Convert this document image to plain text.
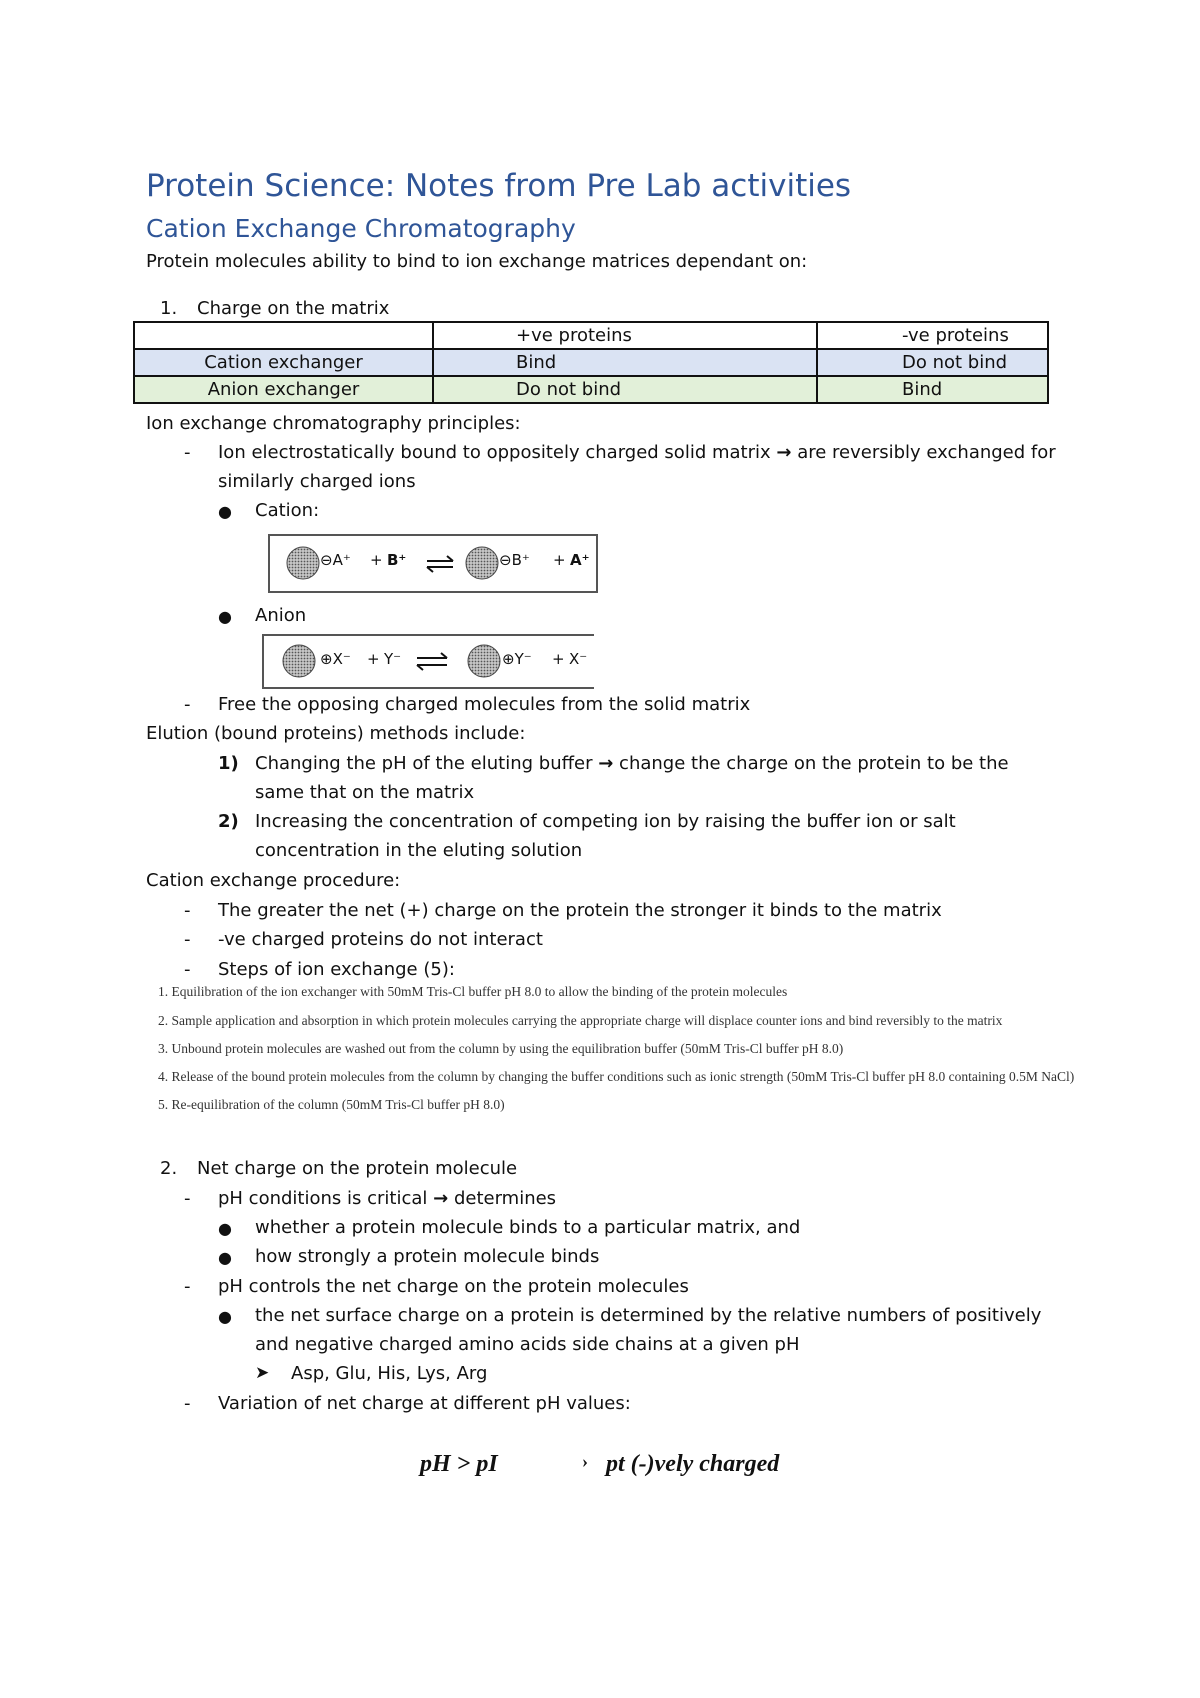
Protein Science: Notes from Pre Lab activities
Cation Exchange Chromatography
Protein molecules ability to bind to ion exchange matrices dependant on:
1. Charge on the matrix
	+ve proteins	-ve proteins
Cation exchanger	Bind	Do not bind
Anion exchanger	Do not bind	Bind
Ion exchange chromatography principles:
- Ion electrostatically bound to oppositely charged solid matrix → are reversibly exchanged for
similarly charged ions
● Cation:
⊖A⁺ + B⁺	⊖B⁺ + A⁺
● Anion
⊕X⁻ + Y⁻	⊕Y⁻ + X⁻
- Free the opposing charged molecules from the solid matrix
Elution (bound proteins) methods include:
1) Changing the pH of the eluting buffer → change the charge on the protein to be the
same that on the matrix
2) Increasing the concentration of competing ion by raising the buffer ion or salt
concentration in the eluting solution
Cation exchange procedure:
- The greater the net (+) charge on the protein the stronger it binds to the matrix
- -ve charged proteins do not interact
- Steps of ion exchange (5):
1. Equilibration of the ion exchanger with 50mM Tris-Cl buffer pH 8.0 to allow the binding of the protein molecules
2. Sample application and absorption in which protein molecules carrying the appropriate charge will displace counter ions and bind reversibly to the matrix
3. Unbound protein molecules are washed out from the column by using the equilibration buffer (50mM Tris-Cl buffer pH 8.0)
4. Release of the bound protein molecules from the column by changing the buffer conditions such as ionic strength (50mM Tris-Cl buffer pH 8.0 containing 0.5M NaCl)
5. Re-equilibration of the column (50mM Tris-Cl buffer pH 8.0)
2. Net charge on the protein molecule
- pH conditions is critical → determines
● whether a protein molecule binds to a particular matrix, and
● how strongly a protein molecule binds
- pH controls the net charge on the protein molecules
● the net surface charge on a protein is determined by the relative numbers of positively
and negative charged amino acids side chains at a given pH
➤ Asp, Glu, His, Lys, Arg
- Variation of net charge at different pH values:
pH > pI	› pt (-)vely charged
